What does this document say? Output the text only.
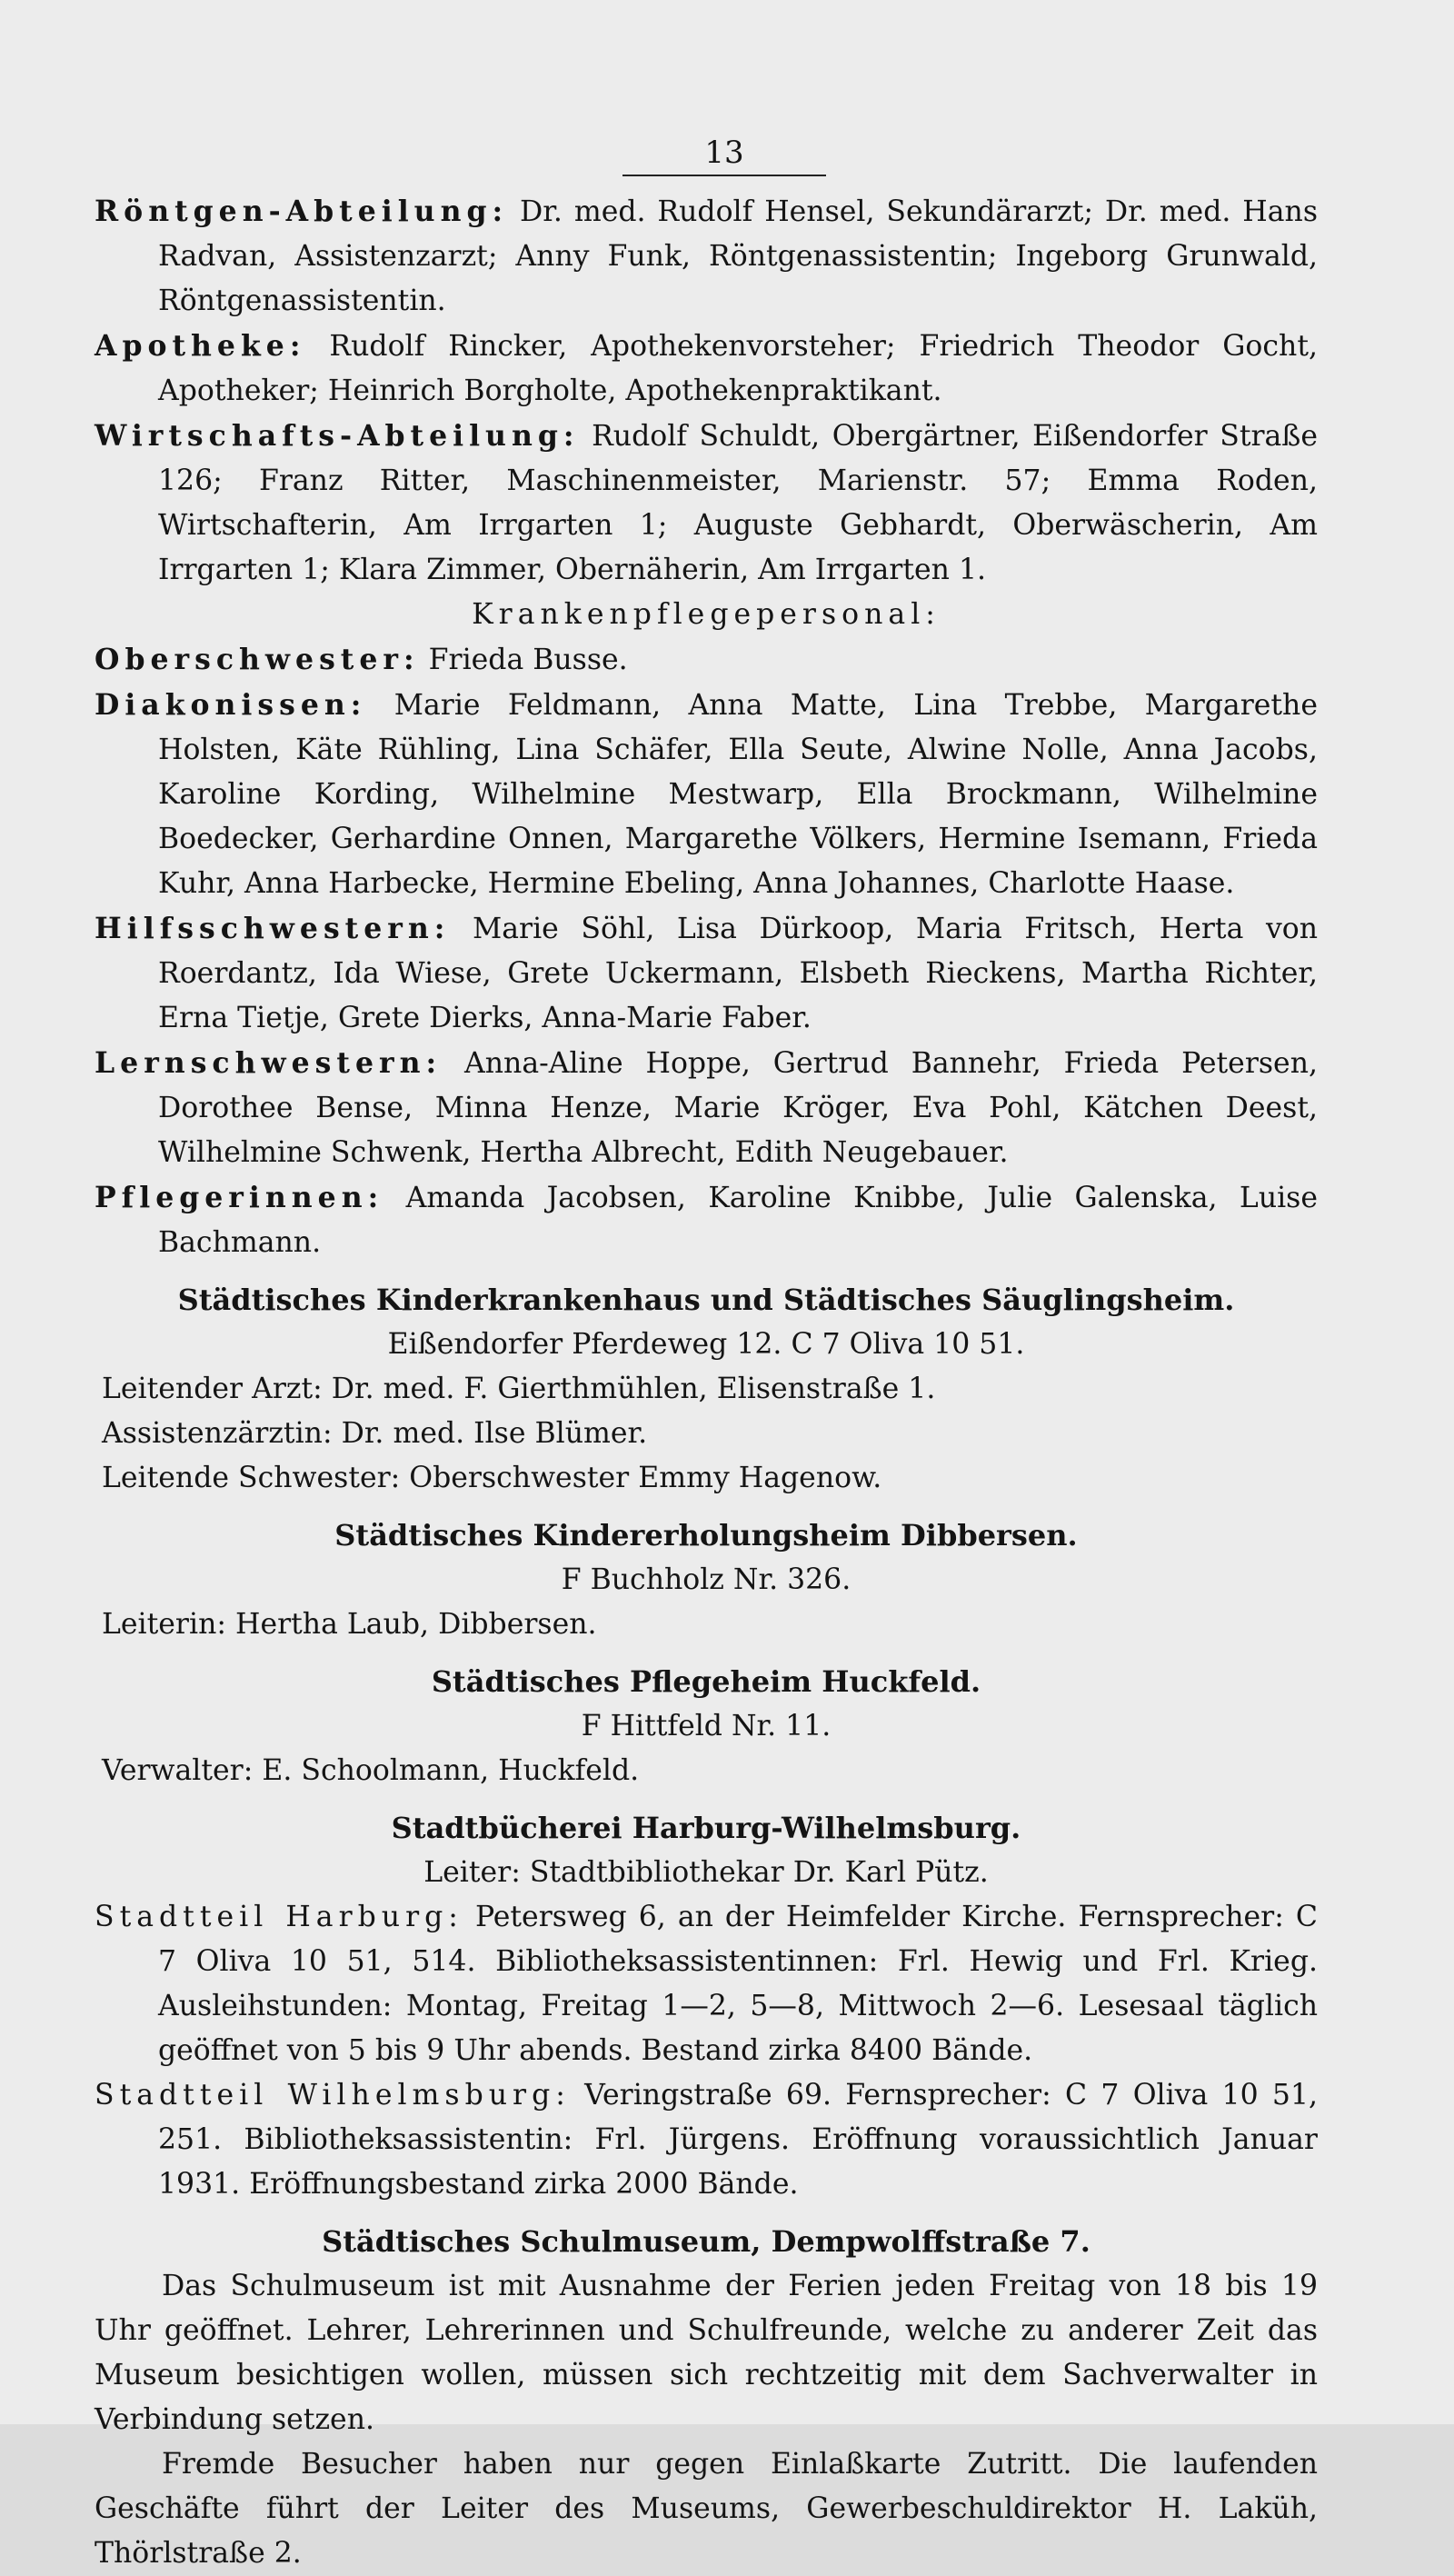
13

Röntgen-Abteilung: Dr. med. Rudolf Hensel, Sekundärarzt; Dr. med. Hans Radvan, Assistenzarzt; Anny Funk, Röntgenassistentin; Ingeborg Grunwald, Röntgenassistentin.

Apotheke: Rudolf Rincker, Apothekenvorsteher; Friedrich Theodor Gocht, Apotheker; Heinrich Borgholte, Apothekenpraktikant.

Wirtschafts-Abteilung: Rudolf Schuldt, Obergärtner, Eißendorfer Straße 126; Franz Ritter, Maschinenmeister, Marienstr. 57; Emma Roden, Wirtschafterin, Am Irrgarten 1; Auguste Gebhardt, Oberwäscherin, Am Irrgarten 1; Klara Zimmer, Obernäherin, Am Irrgarten 1.

Krankenpflegepersonal:

Oberschwester: Frieda Busse.

Diakonissen: Marie Feldmann, Anna Matte, Lina Trebbe, Margarethe Holsten, Käte Rühling, Lina Schäfer, Ella Seute, Alwine Nolle, Anna Jacobs, Karoline Kording, Wilhelmine Mestwarp, Ella Brockmann, Wilhelmine Boedecker, Gerhardine Onnen, Margarethe Völkers, Hermine Isemann, Frieda Kuhr, Anna Harbecke, Hermine Ebeling, Anna Johannes, Charlotte Haase.

Hilfsschwestern: Marie Söhl, Lisa Dürkoop, Maria Fritsch, Herta von Roerdantz, Ida Wiese, Grete Uckermann, Elsbeth Rieckens, Martha Richter, Erna Tietje, Grete Dierks, Anna-Marie Faber.

Lernschwestern: Anna-Aline Hoppe, Gertrud Bannehr, Frieda Petersen, Dorothee Bense, Minna Henze, Marie Kröger, Eva Pohl, Kätchen Deest, Wilhelmine Schwenk, Hertha Albrecht, Edith Neugebauer.

Pflegerinnen: Amanda Jacobsen, Karoline Knibbe, Julie Galenska, Luise Bachmann.

Städtisches Kinderkrankenhaus und Städtisches Säuglingsheim.

Eißendorfer Pferdeweg 12. C 7 Oliva 10 51.

Leitender Arzt: Dr. med. F. Gierthmühlen, Elisenstraße 1.

Assistenzärztin: Dr. med. Ilse Blümer.

Leitende Schwester: Oberschwester Emmy Hagenow.

Städtisches Kindererholungsheim Dibbersen.

F Buchholz Nr. 326.

Leiterin: Hertha Laub, Dibbersen.

Städtisches Pflegeheim Huckfeld.

F Hittfeld Nr. 11.

Verwalter: E. Schoolmann, Huckfeld.

Stadtbücherei Harburg-Wilhelmsburg.

Leiter: Stadtbibliothekar Dr. Karl Pütz.

Stadtteil Harburg: Petersweg 6, an der Heimfelder Kirche. Fernsprecher: C 7 Oliva 10 51, 514. Bibliotheksassistentinnen: Frl. Hewig und Frl. Krieg. Ausleihstunden: Montag, Freitag 1—2, 5—8, Mittwoch 2—6. Lesesaal täglich geöffnet von 5 bis 9 Uhr abends. Bestand zirka 8400 Bände.

Stadtteil Wilhelmsburg: Veringstraße 69. Fernsprecher: C 7 Oliva 10 51, 251. Bibliotheksassistentin: Frl. Jürgens. Eröffnung voraussichtlich Januar 1931. Eröffnungsbestand zirka 2000 Bände.

Städtisches Schulmuseum, Dempwolffstraße 7.

Das Schulmuseum ist mit Ausnahme der Ferien jeden Freitag von 18 bis 19 Uhr geöffnet. Lehrer, Lehrerinnen und Schulfreunde, welche zu anderer Zeit das Museum besichtigen wollen, müssen sich rechtzeitig mit dem Sachverwalter in Verbindung setzen.

Fremde Besucher haben nur gegen Einlaßkarte Zutritt. Die laufenden Geschäfte führt der Leiter des Museums, Gewerbeschuldirektor H. Laküh, Thörlstraße 2.
